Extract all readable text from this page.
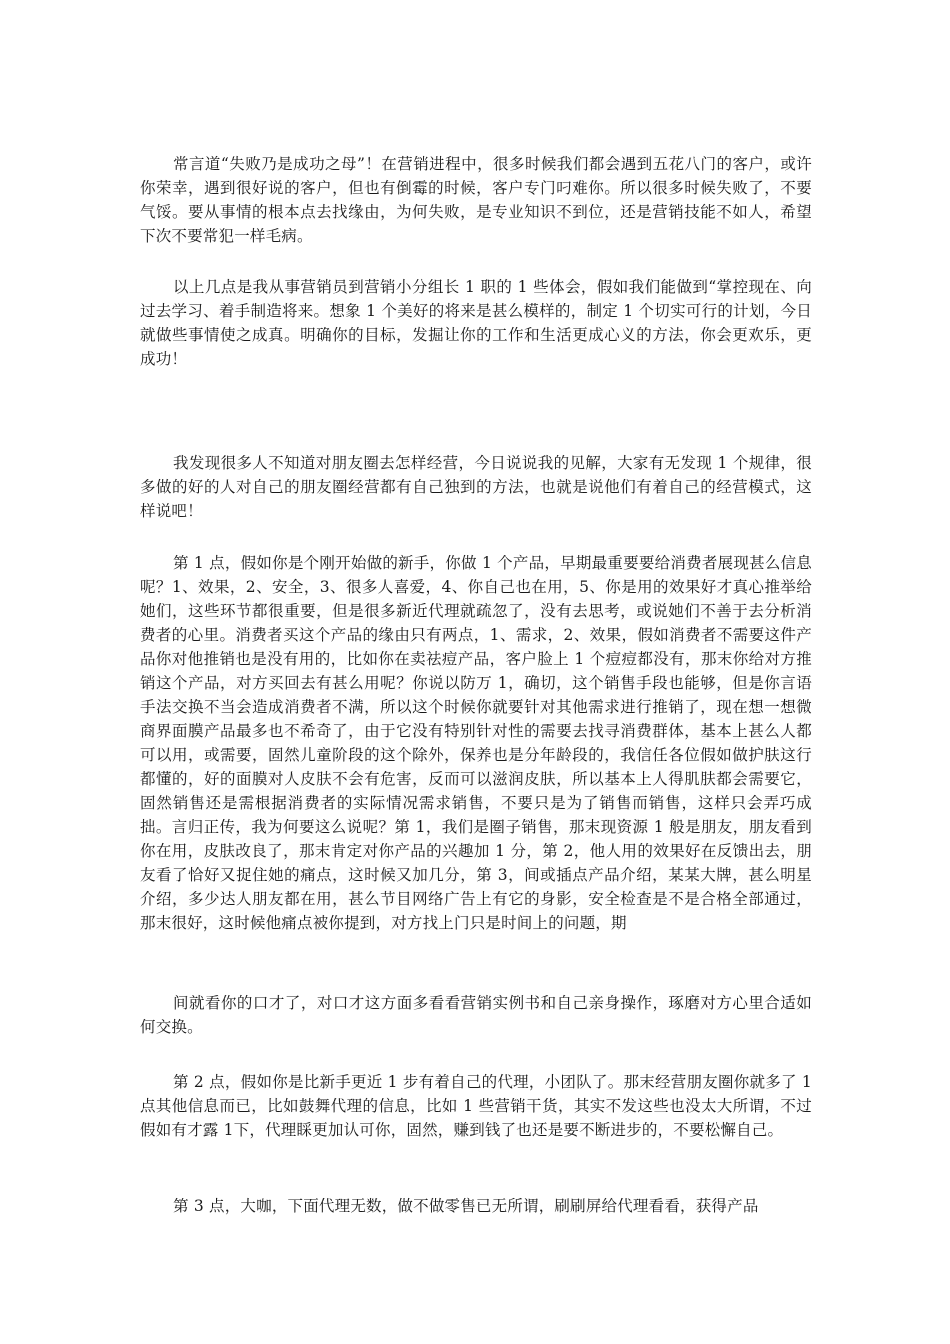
常言道“失败乃是成功之母”！在营销进程中，很多时候我们都会遇到五花八门的客户，或许你荣幸，遇到很好说的客户，但也有倒霉的时候，客户专门叼难你。所以很多时候失败了，不要气馁。要从事情的根本点去找缘由，为何失败，是专业知识不到位，还是营销技能不如人，希望下次不要常犯一样毛病。

以上几点是我从事营销员到营销小分组长 1 职的 1 些体会，假如我们能做到“掌控现在、向过去学习、着手制造将来。想象 1 个美好的将来是甚么模样的，制定 1 个切实可行的计划，今日就做些事情使之成真。明确你的目标，发掘让你的工作和生活更成心义的方法，你会更欢乐，更成功！

我发现很多人不知道对朋友圈去怎样经营，今日说说我的见解，大家有无发现 1 个规律，很多做的好的人对自己的朋友圈经营都有自己独到的方法，也就是说他们有着自己的经营模式，这样说吧！

第 1 点，假如你是个刚开始做的新手，你做 1 个产品，早期最重要要给消费者展现甚么信息呢？1、效果，2、安全，3、很多人喜爱，4、你自己也在用，5、你是用的效果好才真心推举给她们，这些环节都很重要，但是很多新近代理就疏忽了，没有去思考，或说她们不善于去分析消费者的心里。消费者买这个产品的缘由只有两点，1、需求，2、效果，假如消费者不需要这件产品你对他推销也是没有用的，比如你在卖祛痘产品，客户脸上 1 个痘痘都没有，那末你给对方推销这个产品，对方买回去有甚么用呢？你说以防万 1，确切，这个销售手段也能够，但是你言语手法交换不当会造成消费者不满，所以这个时候你就要针对其他需求进行推销了，现在想一想微商界面膜产品最多也不希奇了，由于它没有特别针对性的需要去找寻消费群体，基本上甚么人都可以用，或需要，固然儿童阶段的这个除外，保养也是分年龄段的，我信任各位假如做护肤这行都懂的，好的面膜对人皮肤不会有危害，反而可以滋润皮肤，所以基本上人得肌肤都会需要它，固然销售还是需根据消费者的实际情况需求销售，不要只是为了销售而销售，这样只会弄巧成拙。言归正传，我为何要这么说呢？第 1，我们是圈子销售，那末现资源 1 般是朋友，朋友看到你在用，皮肤改良了，那末肯定对你产品的兴趣加 1 分，第 2，他人用的效果好在反馈出去，朋友看了恰好又捉住她的痛点，这时候又加几分，第 3，间或插点产品介绍，某某大牌，甚么明星介绍，多少达人朋友都在用，甚么节目网络广告上有它的身影，安全检查是不是合格全部通过，那末很好，这时候他痛点被你提到，对方找上门只是时间上的问题，期

间就看你的口才了，对口才这方面多看看营销实例书和自己亲身操作，琢磨对方心里合适如何交换。

第 2 点，假如你是比新手更近 1 步有着自己的代理，小团队了。那末经营朋友圈你就多了 1 点其他信息而已，比如鼓舞代理的信息，比如 1 些营销干货，其实不发这些也没太大所谓，不过假如有才露 1下，代理睬更加认可你，固然，赚到钱了也还是要不断进步的，不要松懈自己。

第 3 点，大咖，下面代理无数，做不做零售已无所谓，刷刷屏给代理看看，获得产品
